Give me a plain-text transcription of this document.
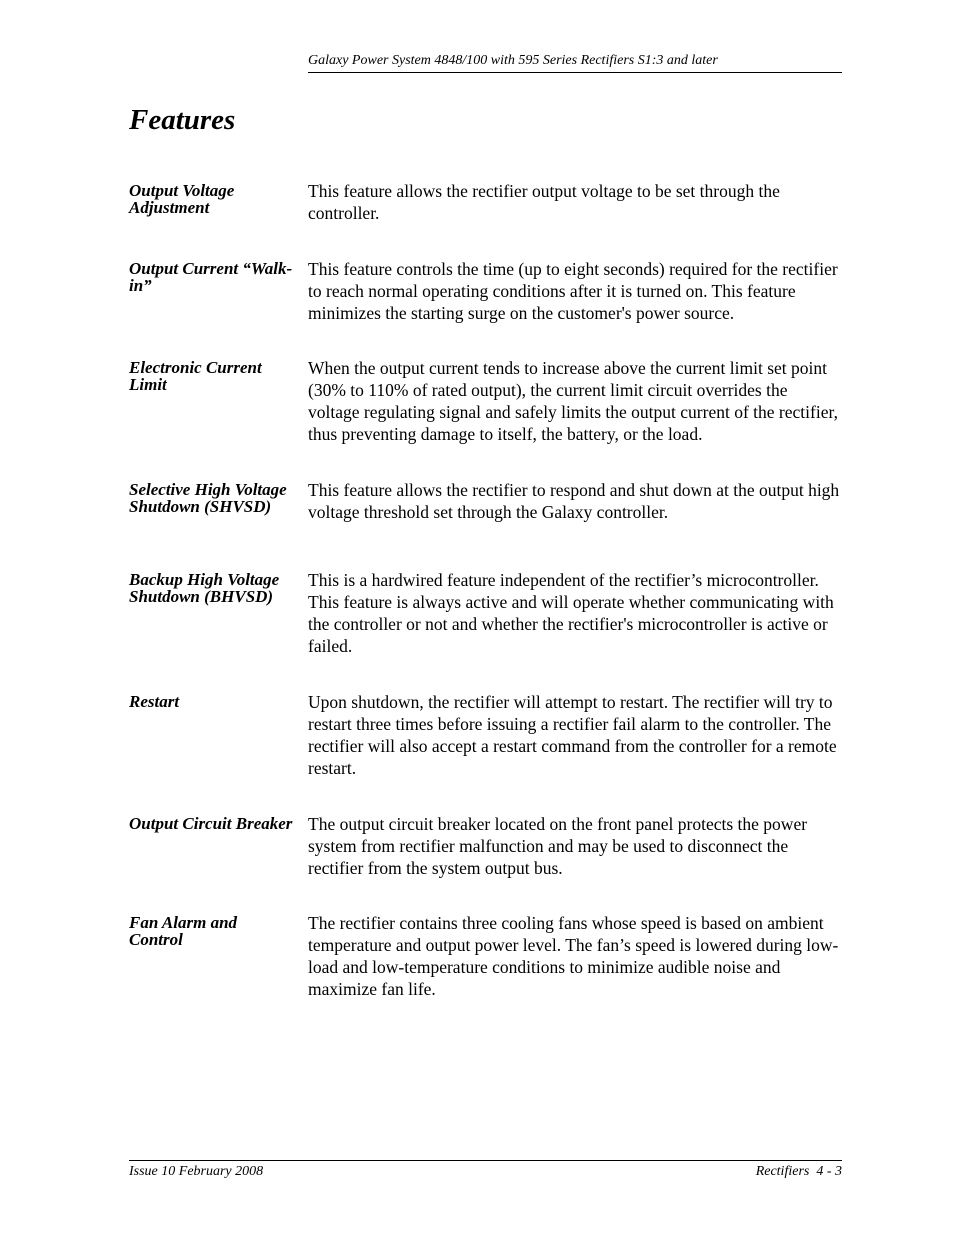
Galaxy Power System 4848/100 with 595 Series Rectifiers S1:3 and later
Features
Output Voltage Adjustment

This feature allows the rectifier output voltage to be set through the controller.

Output Current “Walk-in”

This feature controls the time (up to eight seconds) required for the rectifier to reach normal operating conditions after it is turned on. This feature minimizes the starting surge on the customer's power source.

Electronic Current Limit

When the output current tends to increase above the current limit set point (30% to 110% of rated output), the current limit circuit overrides the voltage regulating signal and safely limits the output current of the rectifier, thus preventing damage to itself, the battery, or the load.

Selective High Voltage Shutdown (SHVSD)

This feature allows the rectifier to respond and shut down at the output high voltage threshold set through the Galaxy controller.

Backup High Voltage Shutdown (BHVSD)

This is a hardwired feature independent of the rectifier’s microcontroller. This feature is always active and will operate whether communicating with the controller or not and whether the rectifier's microcontroller is active or failed.

Restart	Upon shutdown, the rectifier will attempt to restart. The rectifier will try to restart three times before issuing a rectifier fail alarm to the controller. The rectifier will also accept a restart command from the controller for a remote restart.

Output Circuit Breaker The output circuit breaker located on the front panel protects the power system from rectifier malfunction and may be used to disconnect the rectifier from the system output bus.

Fan Alarm and Control

The rectifier contains three cooling fans whose speed is based on ambient temperature and output power level. The fan’s speed is lowered during low-load and low-temperature conditions to minimize audible noise and maximize fan life.

Issue 10 February 2008	Rectifiers  4 - 3
